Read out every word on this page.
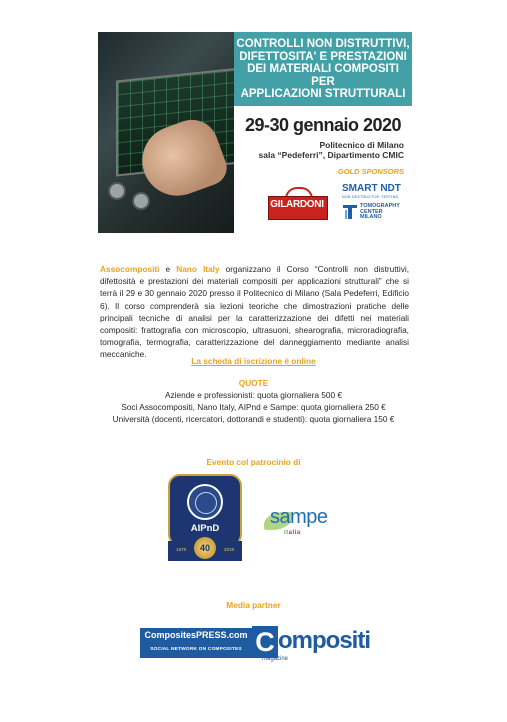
CONTROLLI NON DISTRUTTIVI,
DIFETTOSITA' E PRESTAZIONI
DEI MATERIALI COMPOSITI PER
APPLICAZIONI STRUTTURALI
29-30 gennaio 2020
Politecnico di Milano
sala “Pedeferri”, Dipartimento CMIC
GOLD SPONSORS
GILARDONI
SMART NDT
NON DESTRUCTIVE TESTING
TOMOGRAPHY
CENTER
MILANO
Assocompositi e Nano Italy organizzano il Corso “Controlli non distruttivi, difettosità e prestazioni dei materiali compositi per applicazioni strutturali” che si terrà il 29 e 30 gennaio 2020 presso il Politecnico di Milano (Sala Pedeferri, Edificio 6). Il corso comprenderà sia lezioni teoriche che dimostrazioni pratiche delle principali tecniche di analisi per la caratterizzazione dei difetti nei materiali compositi: frattografia con microscopio, ultrasuoni, shearografia, microradiografia, tomografia, termografia, caratterizzazione del danneggiamento mediante analisi meccaniche.
La scheda di iscrizione è online
QUOTE
Aziende e professionisti: quota giornaliera 500 €
Soci Assocompositi, Nano Italy, AIPnd e Sampe: quota giornaliera 250 €
Università (docenti, ricercatori, dottorandi e studenti): quota giornaliera 150 €
Evento col patrocinio di
AIPnD
1979	2019
40
sampe
italia
Media partner
CompositesPRESS.com
SOCIAL NETWORK ON COMPOSITES C ompositi
magazine
